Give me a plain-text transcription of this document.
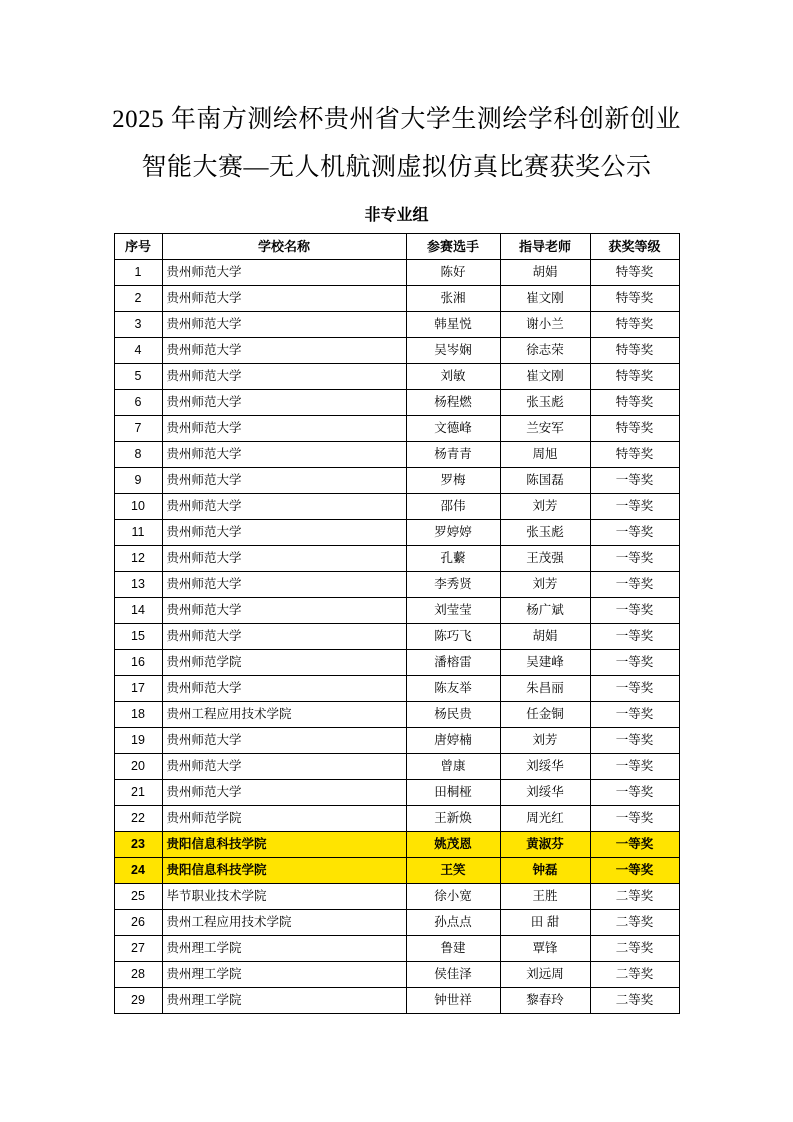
2025 年南方测绘杯贵州省大学生测绘学科创新创业
智能大赛—无人机航测虚拟仿真比赛获奖公示
非专业组
序号	学校名称	参赛选手	指导老师	获奖等级
1	贵州师范大学	陈好	胡娟	特等奖
2	贵州师范大学	张湘	崔文刚	特等奖
3	贵州师范大学	韩星悦	谢小兰	特等奖
4	贵州师范大学	吴岑娴	徐志荣	特等奖
5	贵州师范大学	刘敏	崔文刚	特等奖
6	贵州师范大学	杨程燃	张玉彪	特等奖
7	贵州师范大学	文德峰	兰安军	特等奖
8	贵州师范大学	杨青青	周旭	特等奖
9	贵州师范大学	罗梅	陈国磊	一等奖
10	贵州师范大学	邵伟	刘芳	一等奖
11	贵州师范大学	罗婷婷	张玉彪	一等奖
12	贵州师范大学	孔蘻	王茂强	一等奖
13	贵州师范大学	李秀贤	刘芳	一等奖
14	贵州师范大学	刘莹莹	杨广斌	一等奖
15	贵州师范大学	陈巧飞	胡娟	一等奖
16	贵州师范学院	潘榕雷	吴建峰	一等奖
17	贵州师范大学	陈友举	朱昌丽	一等奖
18	贵州工程应用技术学院	杨民贵	任金铜	一等奖
19	贵州师范大学	唐婷楠	刘芳	一等奖
20	贵州师范大学	曾康	刘绥华	一等奖
21	贵州师范大学	田桐桠	刘绥华	一等奖
22	贵州师范学院	王新焕	周光红	一等奖
23	贵阳信息科技学院	姚茂恩	黄淑芬	一等奖
24	贵阳信息科技学院	王笑	钟磊	一等奖
25	毕节职业技术学院	徐小宽	王胜	二等奖
26	贵州工程应用技术学院	孙点点	田 甜	二等奖
27	贵州理工学院	鲁建	覃锋	二等奖
28	贵州理工学院	侯佳泽	刘远周	二等奖
29	贵州理工学院	钟世祥	黎春玲	二等奖
